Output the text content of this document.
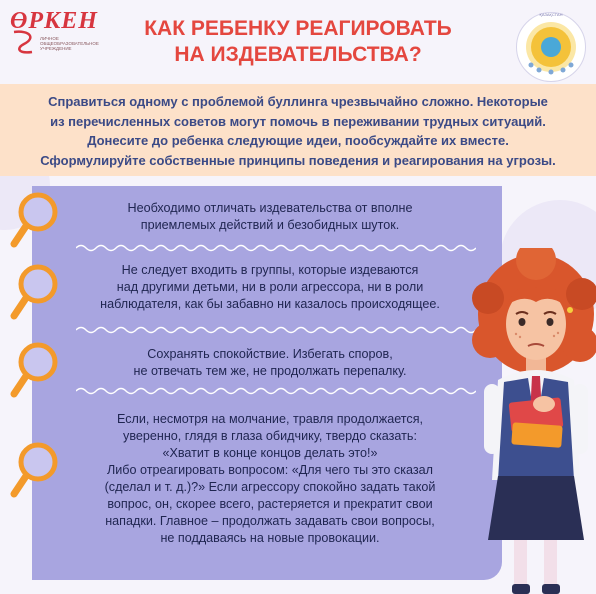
ӨРКЕН
ЛИЧНОЕ ОБЩЕОБРАЗОВАТЕЛЬНОЕ УЧРЕЖДЕНИЕ
КАК РЕБЕНКУ РЕАГИРОВАТЬ
НА ИЗДЕВАТЕЛЬСТВА?
ҚАЗАҚСТАН

Справиться одному с проблемой буллинга чрезвычайно сложно. Некоторые
из перечисленных советов могут помочь в переживании трудных ситуаций.
Донесите до ребенка следующие идеи, пообсуждайте их вместе.
Сформулируйте собственные принципы поведения и реагирования на угрозы.

Необходимо отличать издевательства от вполне
приемлемых действий и безобидных шуток.

Не следует входить в группы, которые издеваются
над другими детьми, ни в роли агрессора, ни в роли
наблюдателя, как бы забавно ни казалось происходящее.

Сохранять спокойствие. Избегать споров,
не отвечать тем же, не продолжать перепалку.

Если, несмотря на молчание, травля продолжается,
уверенно, глядя в глаза обидчику, твердо сказать:
«Хватит в конце концов делать это!»
Либо отреагировать вопросом: «Для чего ты это сказал
(сделал и т. д.)?» Если агрессору спокойно задать такой
вопрос, он, скорее всего, растеряется и прекратит свои
нападки. Главное – продолжать задавать свои вопросы,
не поддаваясь на новые провокации.
